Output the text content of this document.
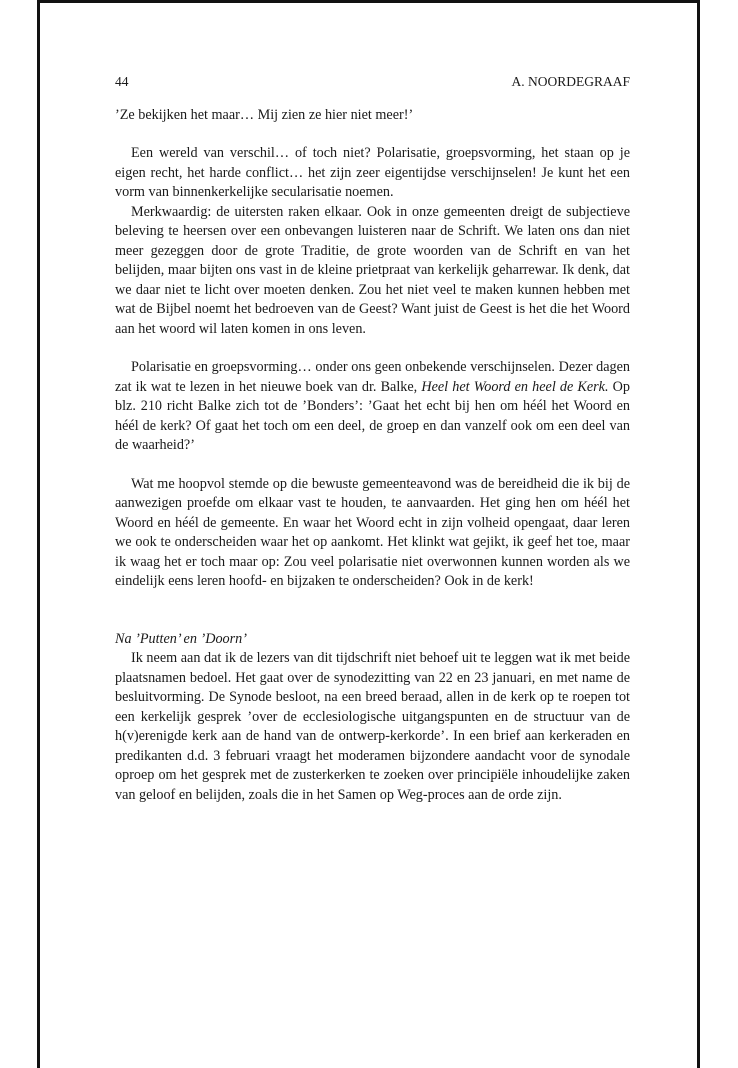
44	A. NOORDEGRAAF

’Ze bekijken het maar… Mij zien ze hier niet meer!’

Een wereld van verschil… of toch niet? Polarisatie, groepsvorming, het staan op je eigen recht, het harde conflict… het zijn zeer eigentijdse verschijnselen! Je kunt het een vorm van binnenkerkelijke secularisatie noemen.

Merkwaardig: de uitersten raken elkaar. Ook in onze gemeenten dreigt de subjectieve beleving te heersen over een onbevangen luisteren naar de Schrift. We laten ons dan niet meer gezeggen door de grote Traditie, de grote woorden van de Schrift en van het belijden, maar bijten ons vast in de kleine prietpraat van kerkelijk geharrewar. Ik denk, dat we daar niet te licht over moeten denken. Zou het niet veel te maken kunnen hebben met wat de Bijbel noemt het bedroeven van de Geest? Want juist de Geest is het die het Woord aan het woord wil laten komen in ons leven.

Polarisatie en groepsvorming… onder ons geen onbekende verschijnselen. Dezer dagen zat ik wat te lezen in het nieuwe boek van dr. Balke, Heel het Woord en heel de Kerk. Op blz. 210 richt Balke zich tot de ’Bonders’: ’Gaat het echt bij hen om héél het Woord en héél de kerk? Of gaat het toch om een deel, de groep en dan vanzelf ook om een deel van de waarheid?’

Wat me hoopvol stemde op die bewuste gemeenteavond was de bereidheid die ik bij de aanwezigen proefde om elkaar vast te houden, te aanvaarden. Het ging hen om héél het Woord en héél de gemeente. En waar het Woord echt in zijn volheid opengaat, daar leren we ook te onderscheiden waar het op aankomt. Het klinkt wat gejikt, ik geef het toe, maar ik waag het er toch maar op: Zou veel polarisatie niet overwonnen kunnen worden als we eindelijk eens leren hoofd- en bijzaken te onderscheiden? Ook in de kerk!

Na ’Putten’ en ’Doorn’

Ik neem aan dat ik de lezers van dit tijdschrift niet behoef uit te leggen wat ik met beide plaatsnamen bedoel. Het gaat over de synodezitting van 22 en 23 januari, en met name de besluitvorming. De Synode besloot, na een breed beraad, allen in de kerk op te roepen tot een kerkelijk gesprek ’over de ecclesiologische uitgangspunten en de structuur van de h(v)erenigde kerk aan de hand van de ontwerp-kerkorde’. In een brief aan kerkeraden en predikanten d.d. 3 februari vraagt het moderamen bijzondere aandacht voor de synodale oproep om het gesprek met de zusterkerken te zoeken over principiële inhoudelijke zaken van geloof en belijden, zoals die in het Samen op Weg-proces aan de orde zijn.
